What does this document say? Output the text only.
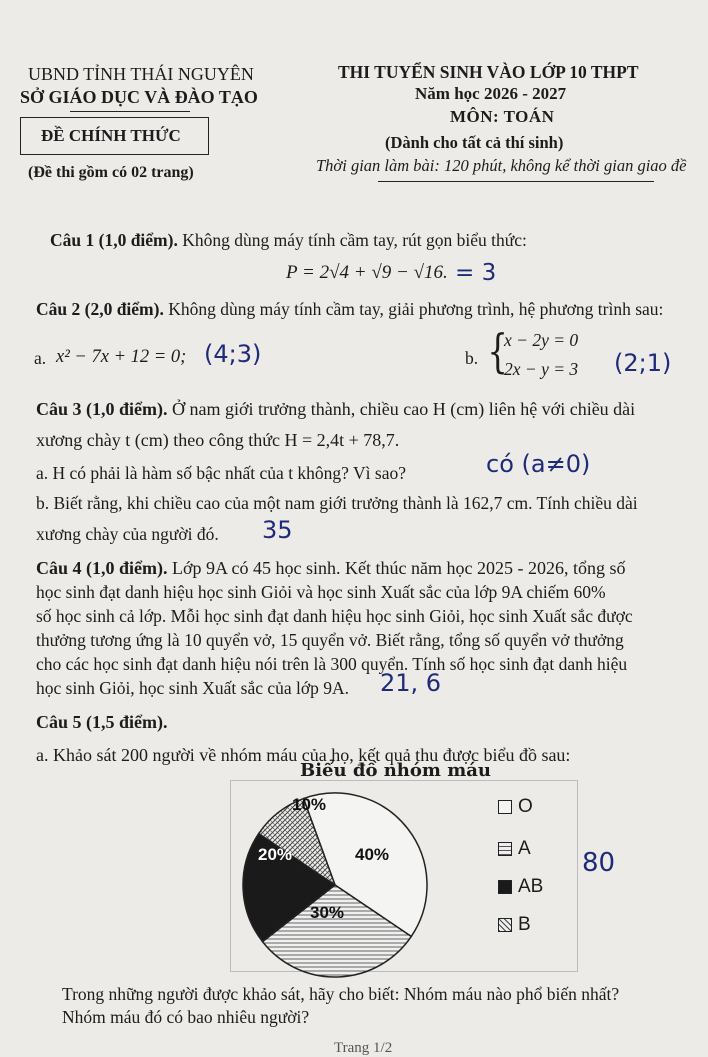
UBND TỈNH THÁI NGUYÊN
SỞ GIÁO DỤC VÀ ĐÀO TẠO
ĐỀ CHÍNH THỨC
(Đề thi gồm có 02 trang)
THI TUYỂN SINH VÀO LỚP 10 THPT
Năm học 2026 - 2027
MÔN: TOÁN
(Dành cho tất cả thí sinh)
Thời gian làm bài: 120 phút, không kể thời gian giao đề
Câu 1 (1,0 điểm). Không dùng máy tính cầm tay, rút gọn biểu thức:
P = 2√4 + √9 − √16. = 3
Câu 2 (2,0 điểm). Không dùng máy tính cầm tay, giải phương trình, hệ phương trình sau:
a. x² − 7x + 12 = 0; (4;3)	b. {
x − 2y = 0
2x − y = 3 (2;1)
Câu 3 (1,0 điểm). Ở nam giới trưởng thành, chiều cao H (cm) liên hệ với chiều dài
xương chày t (cm) theo công thức H = 2,4t + 78,7.
a. H có phải là hàm số bậc nhất của t không? Vì sao?	có (a≠0)
b. Biết rằng, khi chiều cao của một nam giới trưởng thành là 162,7 cm. Tính chiều dài
xương chày của người đó. 35
Câu 4 (1,0 điểm). Lớp 9A có 45 học sinh. Kết thúc năm học 2025 - 2026, tổng số
học sinh đạt danh hiệu học sinh Giỏi và học sinh Xuất sắc của lớp 9A chiếm 60%
số học sinh cả lớp. Mỗi học sinh đạt danh hiệu học sinh Giỏi, học sinh Xuất sắc được
thưởng tương ứng là 10 quyển vở, 15 quyển vở. Biết rằng, tổng số quyển vở thưởng
cho các học sinh đạt danh hiệu nói trên là 300 quyển. Tính số học sinh đạt danh hiệu
học sinh Giỏi, học sinh Xuất sắc của lớp 9A. 21, 6
Câu 5 (1,5 điểm).
a. Khảo sát 200 người về nhóm máu của họ, kết quả thu được biểu đồ sau:
Biểu đồ nhóm máu
40%
30%
20%
10%	O
A
AB
B
80
Trong những người được khảo sát, hãy cho biết: Nhóm máu nào phổ biến nhất?
Nhóm máu đó có bao nhiêu người?
Trang 1/2
